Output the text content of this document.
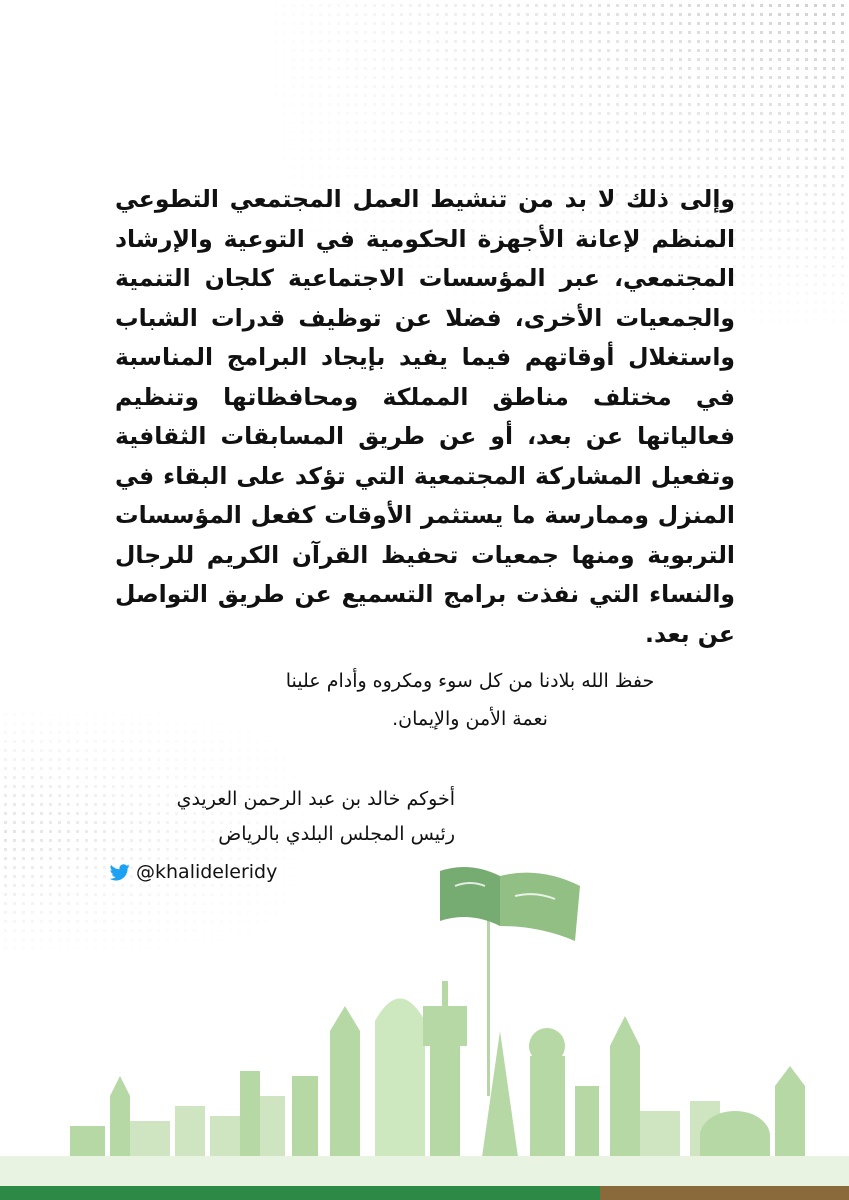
وإلى ذلك لا بد من تنشيط العمل المجتمعي التطوعي المنظم لإعانة الأجهزة الحكومية في التوعية والإرشاد المجتمعي، عبر المؤسسات الاجتماعية كلجان التنمية والجمعيات الأخرى، فضلا عن توظيف قدرات الشباب واستغلال أوقاتهم فيما يفيد بإيجاد البرامج المناسبة في مختلف مناطق المملكة ومحافظاتها وتنظيم فعالياتها عن بعد، أو عن طريق المسابقات الثقافية وتفعيل المشاركة المجتمعية التي تؤكد على البقاء في المنزل وممارسة ما يستثمر الأوقات كفعل المؤسسات التربوية ومنها جمعيات تحفيظ القرآن الكريم للرجال والنساء التي نفذت برامج التسميع عن طريق التواصل عن بعد.
حفظ الله بلادنا من كل سوء ومكروه وأدام علينا
نعمة الأمن والإيمان.
أخوكم خالد بن عبد الرحمن العريدي
رئيس المجلس البلدي بالرياض
@khalideleridy
